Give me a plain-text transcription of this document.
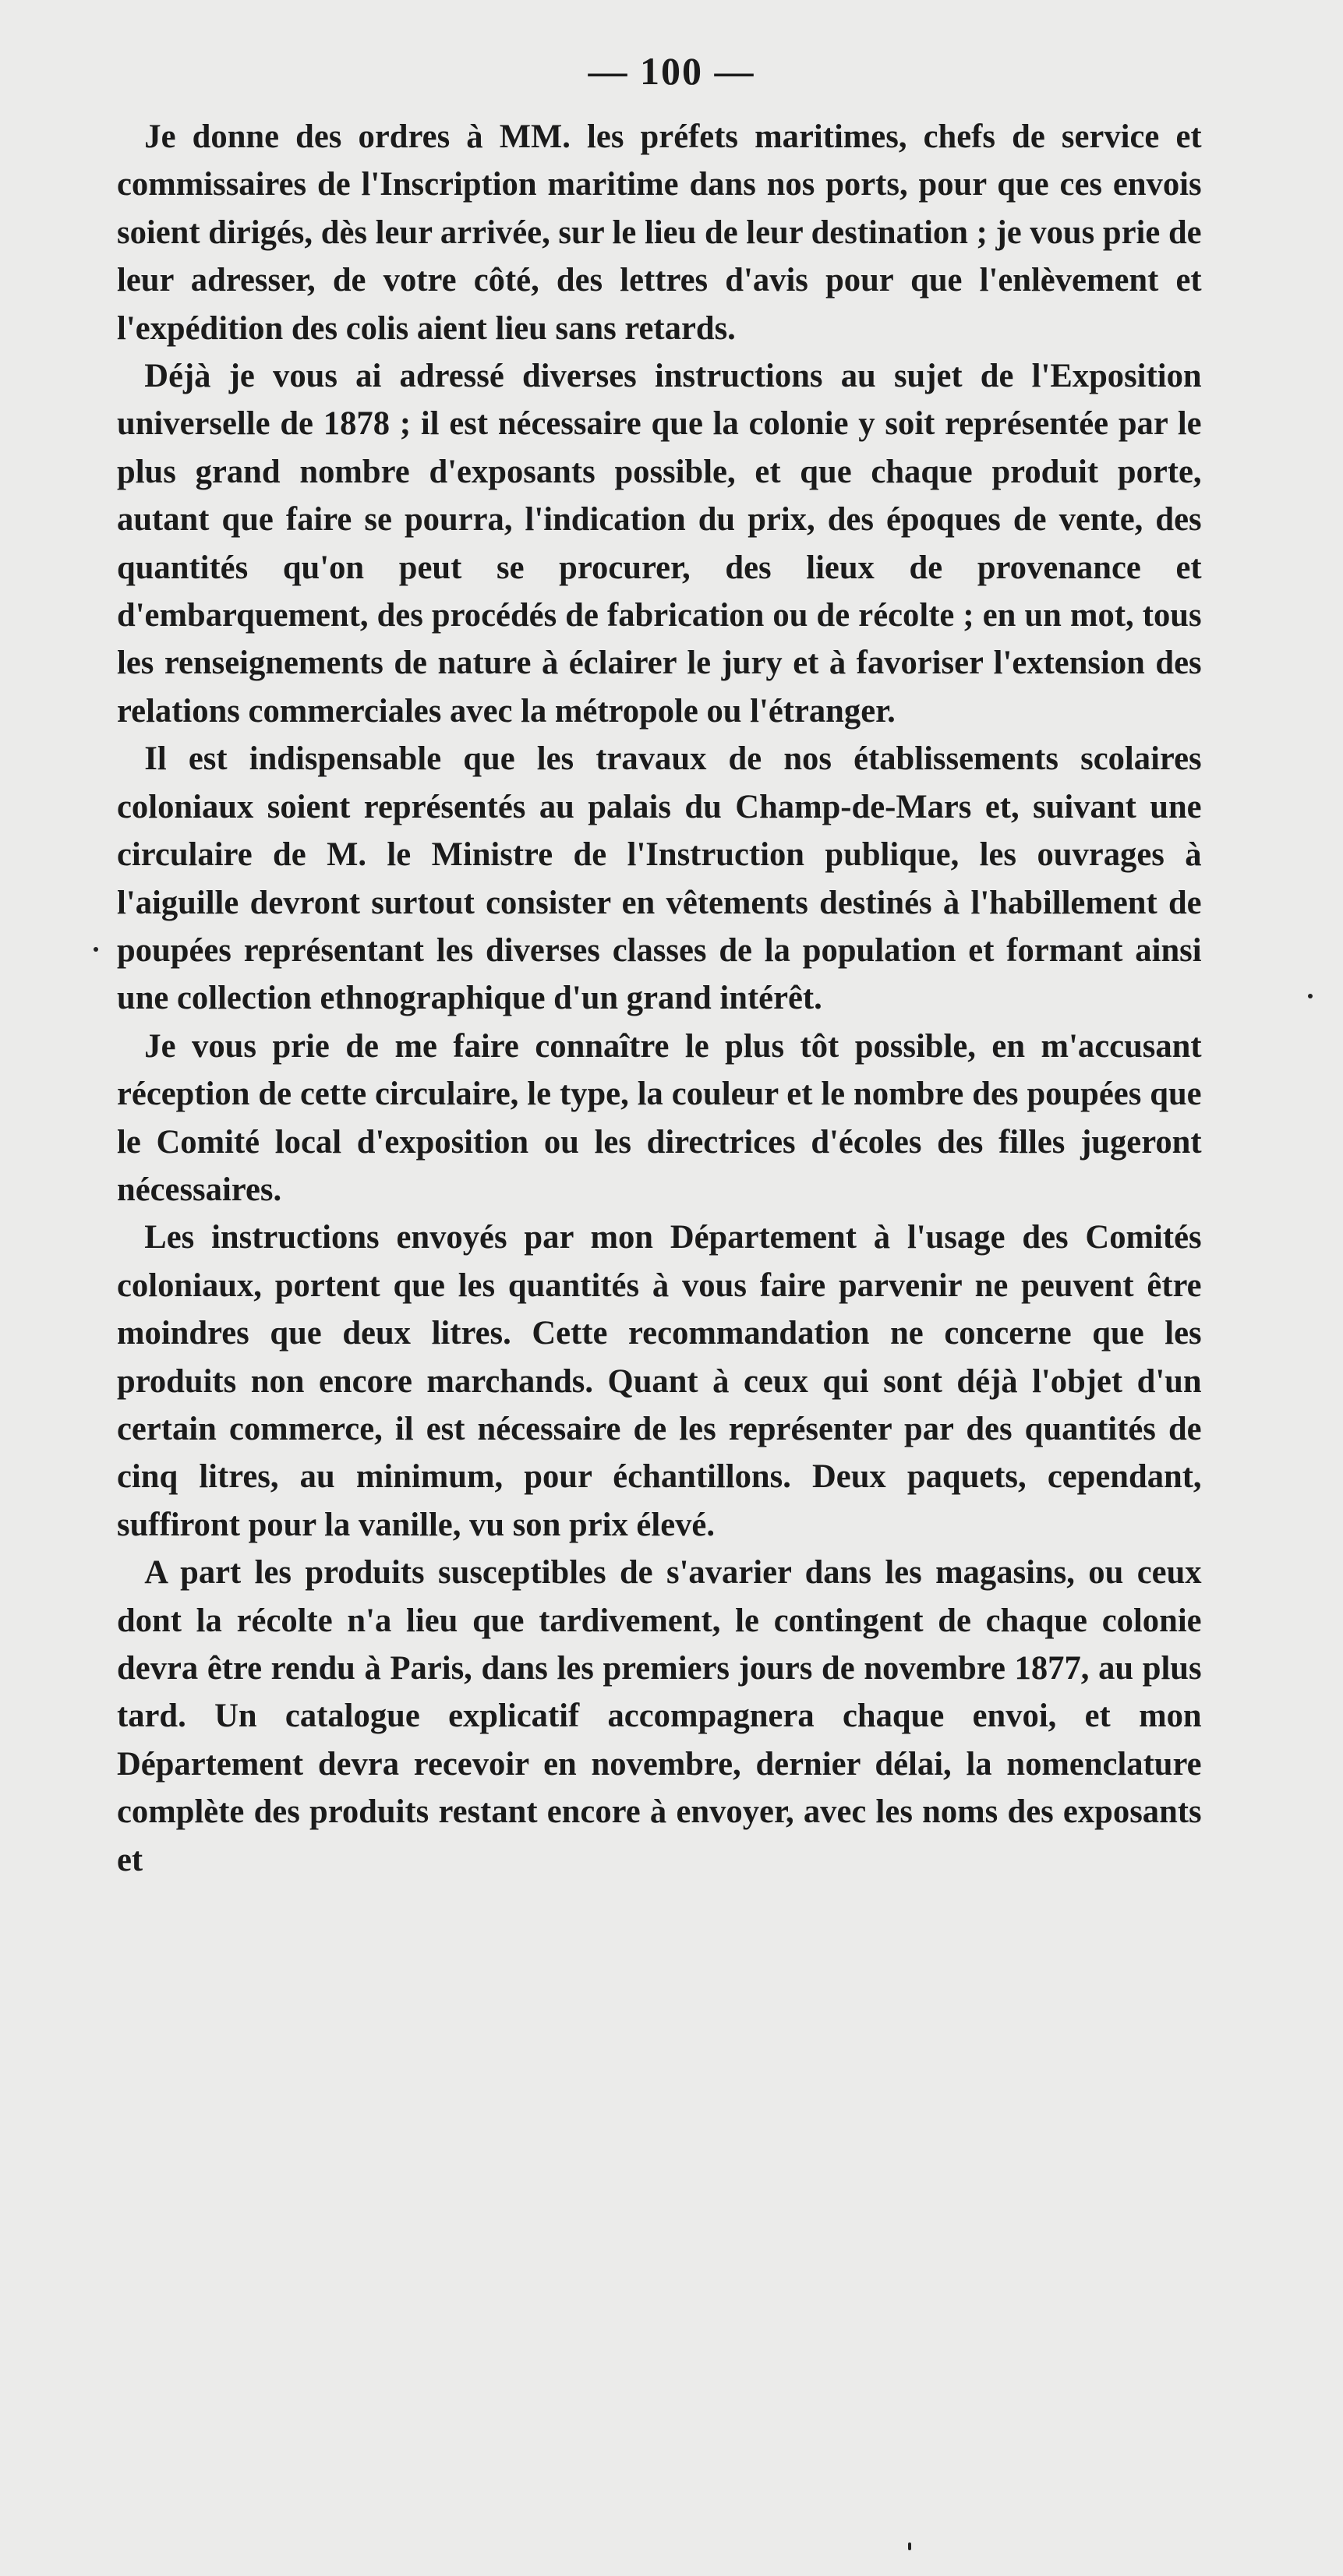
— 100 —

Je donne des ordres à MM. les préfets maritimes, chefs de service et commissaires de l'Inscription maritime dans nos ports, pour que ces envois soient dirigés, dès leur arrivée, sur le lieu de leur destination ; je vous prie de leur adresser, de votre côté, des lettres d'avis pour que l'enlèvement et l'expédition des colis aient lieu sans retards.

Déjà je vous ai adressé diverses instructions au sujet de l'Exposition universelle de 1878 ; il est nécessaire que la colonie y soit représentée par le plus grand nombre d'exposants possible, et que chaque produit porte, autant que faire se pourra, l'indication du prix, des époques de vente, des quantités qu'on peut se procurer, des lieux de provenance et d'embarquement, des procédés de fabrication ou de récolte ; en un mot, tous les renseignements de nature à éclairer le jury et à favoriser l'extension des relations commerciales avec la métropole ou l'étranger.

Il est indispensable que les travaux de nos établissements scolaires coloniaux soient représentés au palais du Champ-de-Mars et, suivant une circulaire de M. le Ministre de l'Instruction publique, les ouvrages à l'aiguille devront surtout consister en vêtements destinés à l'habillement de poupées représentant les diverses classes de la population et formant ainsi une collection ethnographique d'un grand intérêt.

Je vous prie de me faire connaître le plus tôt possible, en m'accusant réception de cette circulaire, le type, la couleur et le nombre des poupées que le Comité local d'exposition ou les directrices d'écoles des filles jugeront nécessaires.

Les instructions envoyés par mon Département à l'usage des Comités coloniaux, portent que les quantités à vous faire parvenir ne peuvent être moindres que deux litres. Cette recommandation ne concerne que les produits non encore marchands. Quant à ceux qui sont déjà l'objet d'un certain commerce, il est nécessaire de les représenter par des quantités de cinq litres, au minimum, pour échantillons. Deux paquets, cependant, suffiront pour la vanille, vu son prix élevé.

A part les produits susceptibles de s'avarier dans les magasins, ou ceux dont la récolte n'a lieu que tardivement, le contingent de chaque colonie devra être rendu à Paris, dans les premiers jours de novembre 1877, au plus tard. Un catalogue explicatif accompagnera chaque envoi, et mon Département devra recevoir en novembre, dernier délai, la nomenclature complète des produits restant encore à envoyer, avec les noms des exposants et
